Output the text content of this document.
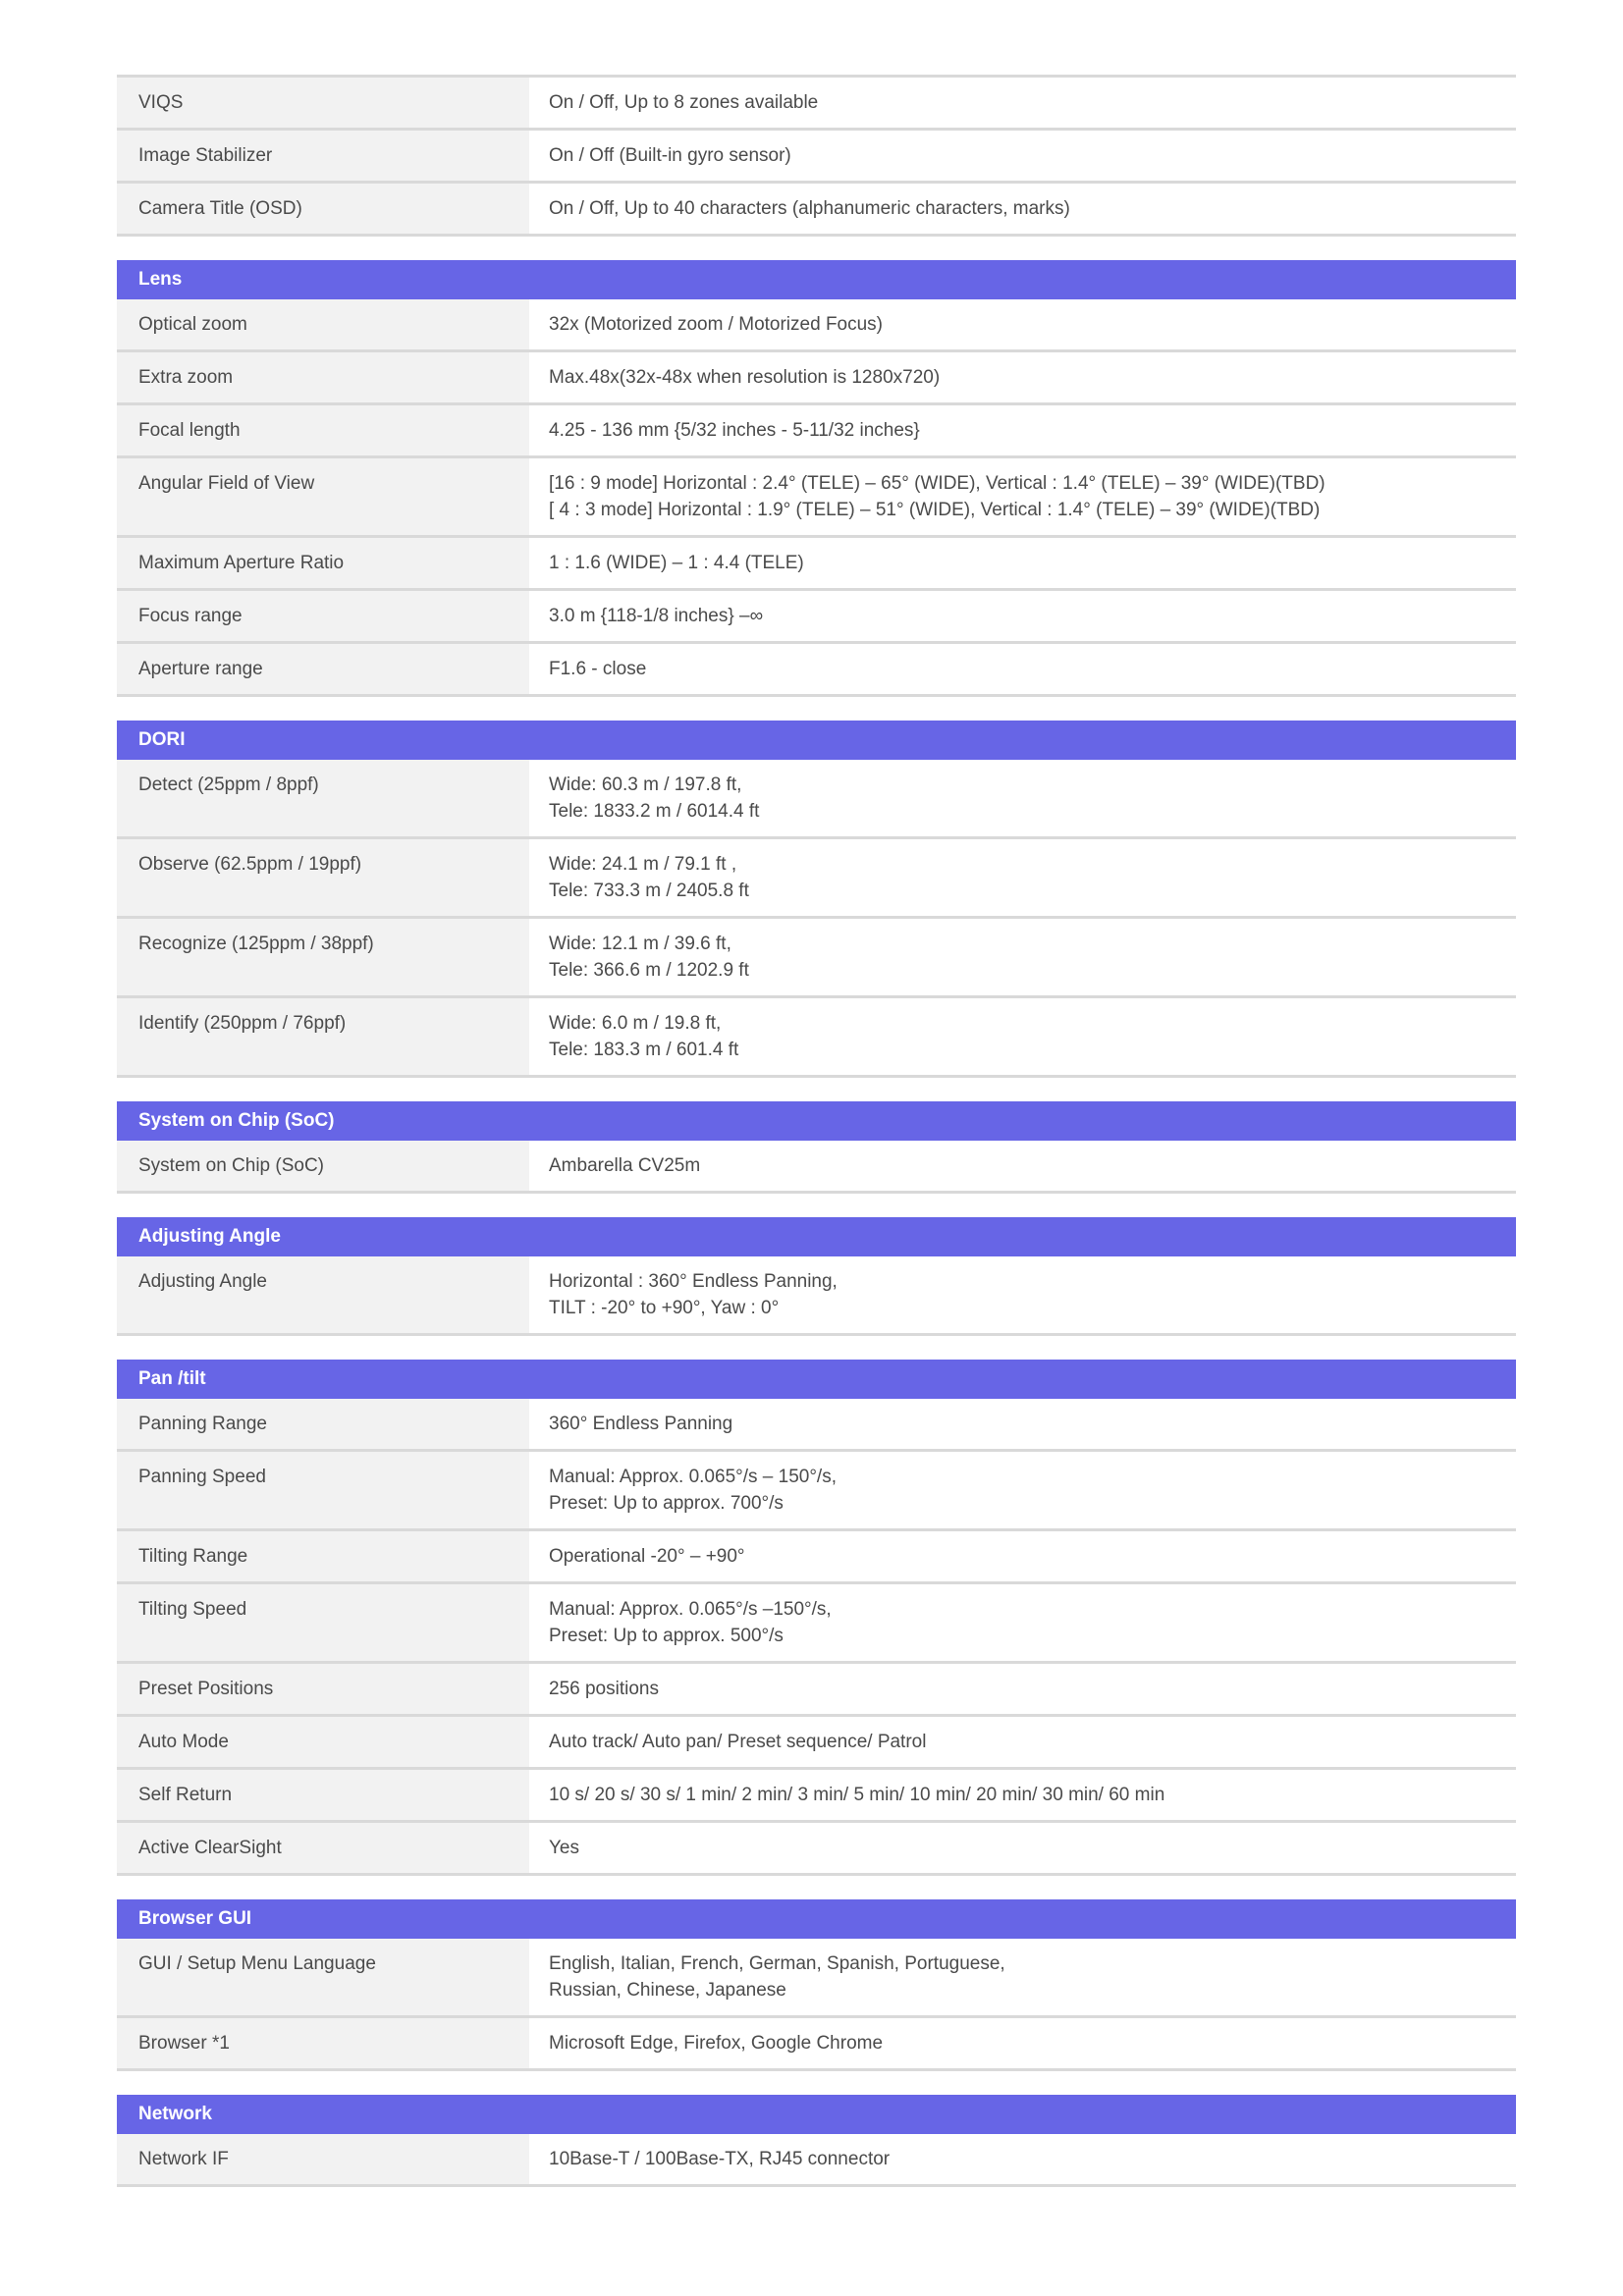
VIQS	On / Off, Up to 8 zones available
Image Stabilizer	On / Off (Built-in gyro sensor)
Camera Title (OSD)	On / Off, Up to 40 characters (alphanumeric characters, marks)
Lens
Optical zoom	32x (Motorized zoom / Motorized Focus)
Extra zoom	Max.48x(32x-48x when resolution is 1280x720)
Focal length	4.25 - 136 mm {5/32 inches - 5-11/32 inches}
Angular Field of View	[16 : 9 mode] Horizontal : 2.4° (TELE) – 65° (WIDE), Vertical : 1.4° (TELE) – 39° (WIDE)(TBD)
[ 4 : 3 mode] Horizontal : 1.9° (TELE) – 51° (WIDE), Vertical : 1.4° (TELE) – 39° (WIDE)(TBD)
Maximum Aperture Ratio	1 : 1.6 (WIDE) – 1 : 4.4 (TELE)
Focus range	3.0 m {118-1/8 inches} –∞
Aperture range	F1.6 - close
DORI
Detect (25ppm / 8ppf)	Wide: 60.3 m / 197.8 ft,
Tele: 1833.2 m / 6014.4 ft
Observe (62.5ppm / 19ppf)	Wide: 24.1 m / 79.1 ft ,
Tele: 733.3 m / 2405.8 ft
Recognize (125ppm / 38ppf)	Wide: 12.1 m / 39.6 ft,
Tele: 366.6 m / 1202.9 ft
Identify (250ppm / 76ppf)	Wide: 6.0 m / 19.8 ft,
Tele: 183.3 m / 601.4 ft
System on Chip (SoC)
System on Chip (SoC)	Ambarella CV25m
Adjusting Angle
Adjusting Angle	Horizontal : 360° Endless Panning,
TILT : -20° to +90°, Yaw : 0°
Pan /tilt
Panning Range	360° Endless Panning
Panning Speed	Manual: Approx. 0.065°/s – 150°/s,
Preset: Up to approx. 700°/s
Tilting Range	Operational -20° – +90°
Tilting Speed	Manual: Approx. 0.065°/s –150°/s,
Preset: Up to approx. 500°/s
Preset Positions	256 positions
Auto Mode	Auto track/ Auto pan/ Preset sequence/ Patrol
Self Return	10 s/ 20 s/ 30 s/ 1 min/ 2 min/ 3 min/ 5 min/ 10 min/ 20 min/ 30 min/ 60 min
Active ClearSight	Yes
Browser GUI
GUI / Setup Menu Language	English, Italian, French, German, Spanish, Portuguese,
Russian, Chinese, Japanese
Browser *1	Microsoft Edge, Firefox, Google Chrome
Network
Network IF	10Base-T / 100Base-TX, RJ45 connector
